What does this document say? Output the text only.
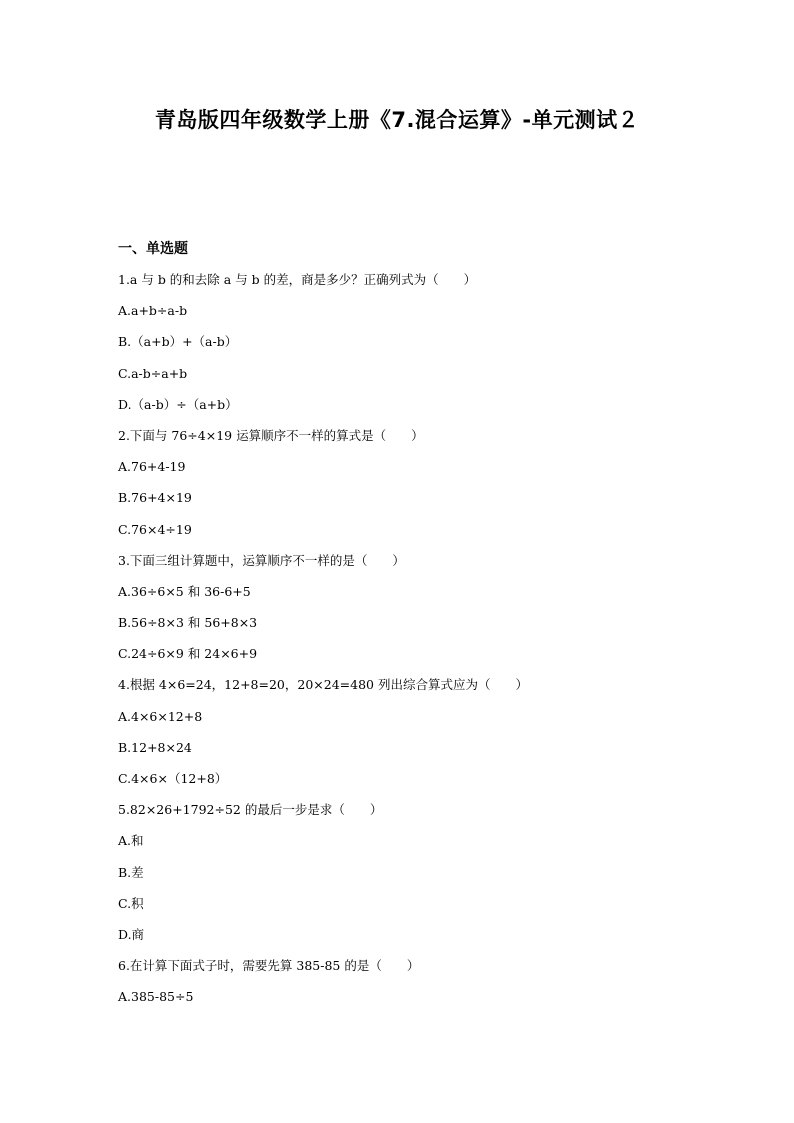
青岛版四年级数学上册《7.混合运算》-单元测试２
一、单选题
1.a 与 b 的和去除 a 与 b 的差，商是多少？正确列式为（　　）
A.a+b÷a-b
B.（a+b）+（a-b）
C.a-b÷a+b
D.（a-b）÷（a+b）
2.下面与 76÷4×19 运算顺序不一样的算式是（　　）
A.76+4-19
B.76+4×19
C.76×4÷19
3.下面三组计算题中，运算顺序不一样的是（　　）
A.36÷6×5 和 36-6+5
B.56÷8×3 和 56+8×3
C.24÷6×9 和 24×6+9
4.根据 4×6=24，12+8=20，20×24=480 列出综合算式应为（　　）
A.4×6×12+8
B.12+8×24
C.4×6×（12+8）
5.82×26+1792÷52 的最后一步是求（　　）
A.和
B.差
C.积
D.商
6.在计算下面式子时，需要先算 385-85 的是（　　）
A.385-85÷5
